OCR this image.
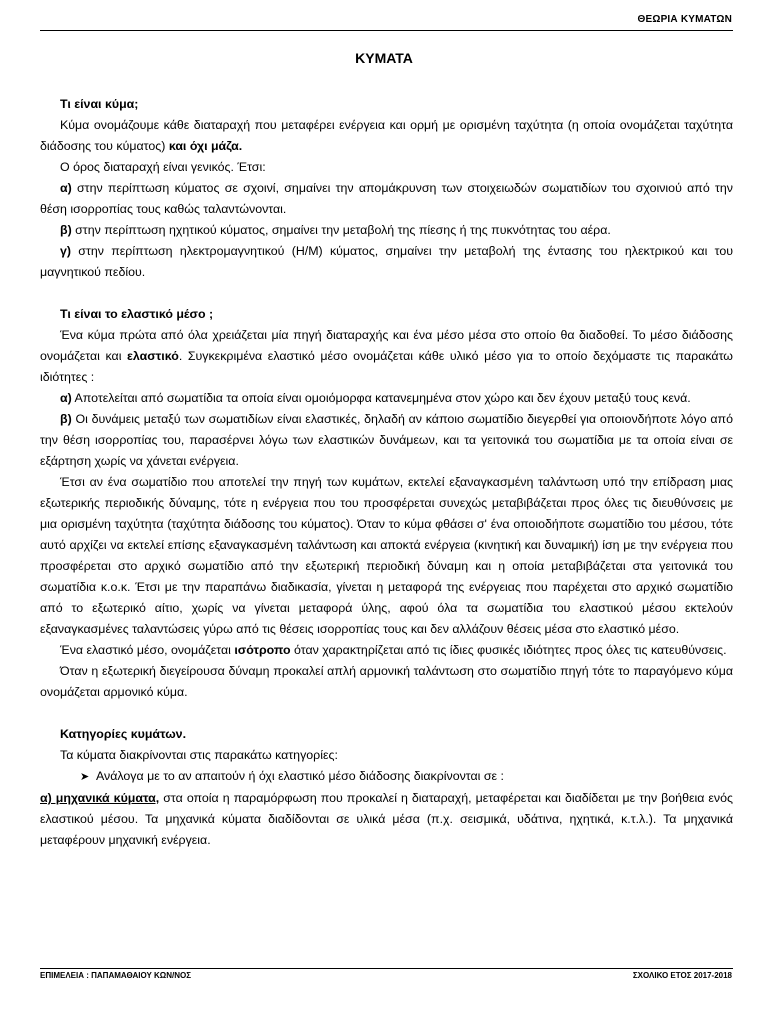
ΘΕΩΡΙΑ ΚΥΜΑΤΩΝ
ΚΥΜΑΤΑ

Τι είναι κύμα;

Κύμα ονομάζουμε κάθε διαταραχή που μεταφέρει ενέργεια και ορμή με ορισμένη ταχύτητα (η οποία ονομάζεται ταχύτητα διάδοσης του κύματος) και όχι μάζα.

Ο όρος διαταραχή είναι γενικός. Έτσι:

α) στην περίπτωση κύματος σε σχοινί, σημαίνει την απομάκρυνση των στοιχειωδών σωματιδίων του σχοινιού από την θέση ισορροπίας τους καθώς ταλαντώνονται.

β) στην περίπτωση ηχητικού κύματος, σημαίνει την μεταβολή της πίεσης ή της πυκνότητας του αέρα.

γ) στην περίπτωση ηλεκτρομαγνητικού (Η/Μ) κύματος, σημαίνει την μεταβολή της έντασης του ηλεκτρικού και του μαγνητικού πεδίου.

Τι είναι το ελαστικό μέσο ;

Ένα κύμα πρώτα από όλα χρειάζεται μία πηγή διαταραχής και ένα μέσο μέσα στο οποίο θα διαδοθεί. Το μέσο διάδοσης ονομάζεται και ελαστικό. Συγκεκριμένα ελαστικό μέσο ονομάζεται κάθε υλικό μέσο για το οποίο δεχόμαστε τις παρακάτω ιδιότητες :

α) Αποτελείται από σωματίδια τα οποία είναι ομοιόμορφα κατανεμημένα στον χώρο και δεν έχουν μεταξύ τους κενά.

β) Οι δυνάμεις μεταξύ των σωματιδίων είναι ελαστικές, δηλαδή αν κάποιο σωματίδιο διεγερθεί για οποιονδήποτε λόγο από την θέση ισορροπίας του, παρασέρνει λόγω των ελαστικών δυνάμεων, και τα γειτονικά του σωματίδια με τα οποία είναι σε εξάρτηση χωρίς να χάνεται ενέργεια.

Έτσι αν ένα σωματίδιο που αποτελεί την πηγή των κυμάτων, εκτελεί εξαναγκασμένη ταλάντωση υπό την επίδραση μιας εξωτερικής περιοδικής δύναμης, τότε η ενέργεια που του προσφέρεται συνεχώς μεταβιβάζεται προς όλες τις διευθύνσεις με μια ορισμένη ταχύτητα (ταχύτητα διάδοσης του κύματος). Όταν το κύμα φθάσει σ' ένα οποιοδήποτε σωματίδιο του μέσου, τότε αυτό αρχίζει να εκτελεί επίσης εξαναγκασμένη ταλάντωση και αποκτά ενέργεια (κινητική και δυναμική) ίση με την ενέργεια που προσφέρεται στο αρχικό σωματίδιο από την εξωτερική περιοδική δύναμη και η οποία μεταβιβάζεται στα γειτονικά του σωματίδια κ.ο.κ. Έτσι με την παραπάνω διαδικασία, γίνεται η μεταφορά της ενέργειας που παρέχεται στο αρχικό σωματίδιο από το εξωτερικό αίτιο, χωρίς να γίνεται μεταφορά ύλης, αφού όλα τα σωματίδια του ελαστικού μέσου εκτελούν εξαναγκασμένες ταλαντώσεις γύρω από τις θέσεις ισορροπίας τους και δεν αλλάζουν θέσεις μέσα στο ελαστικό μέσο.

Ένα ελαστικό μέσο, ονομάζεται ισότροπο όταν χαρακτηρίζεται από τις ίδιες φυσικές ιδιότητες προς όλες τις κατευθύνσεις.

Όταν η εξωτερική διεγείρουσα δύναμη προκαλεί απλή αρμονική ταλάντωση στο σωματίδιο πηγή τότε το παραγόμενο κύμα ονομάζεται αρμονικό κύμα.

Κατηγορίες κυμάτων.

Τα κύματα διακρίνονται στις παρακάτω κατηγορίες:

➤ Ανάλογα με το αν απαιτούν ή όχι ελαστικό μέσο διάδοσης διακρίνονται σε :

α) μηχανικά κύματα, στα οποία η παραμόρφωση που προκαλεί η διαταραχή, μεταφέρεται και διαδίδεται με την βοήθεια ενός ελαστικού μέσου. Τα μηχανικά κύματα διαδίδονται σε υλικά μέσα (π.χ. σεισμικά, υδάτινα, ηχητικά, κ.τ.λ.). Τα μηχανικά μεταφέρουν μηχανική ενέργεια.

ΕΠΙΜΕΛΕΙΑ : ΠΑΠΑΜΑΘΑΙΟΥ ΚΩΝ/ΝΟΣ	ΣΧΟΛΙΚΟ ΕΤΟΣ 2017-2018
